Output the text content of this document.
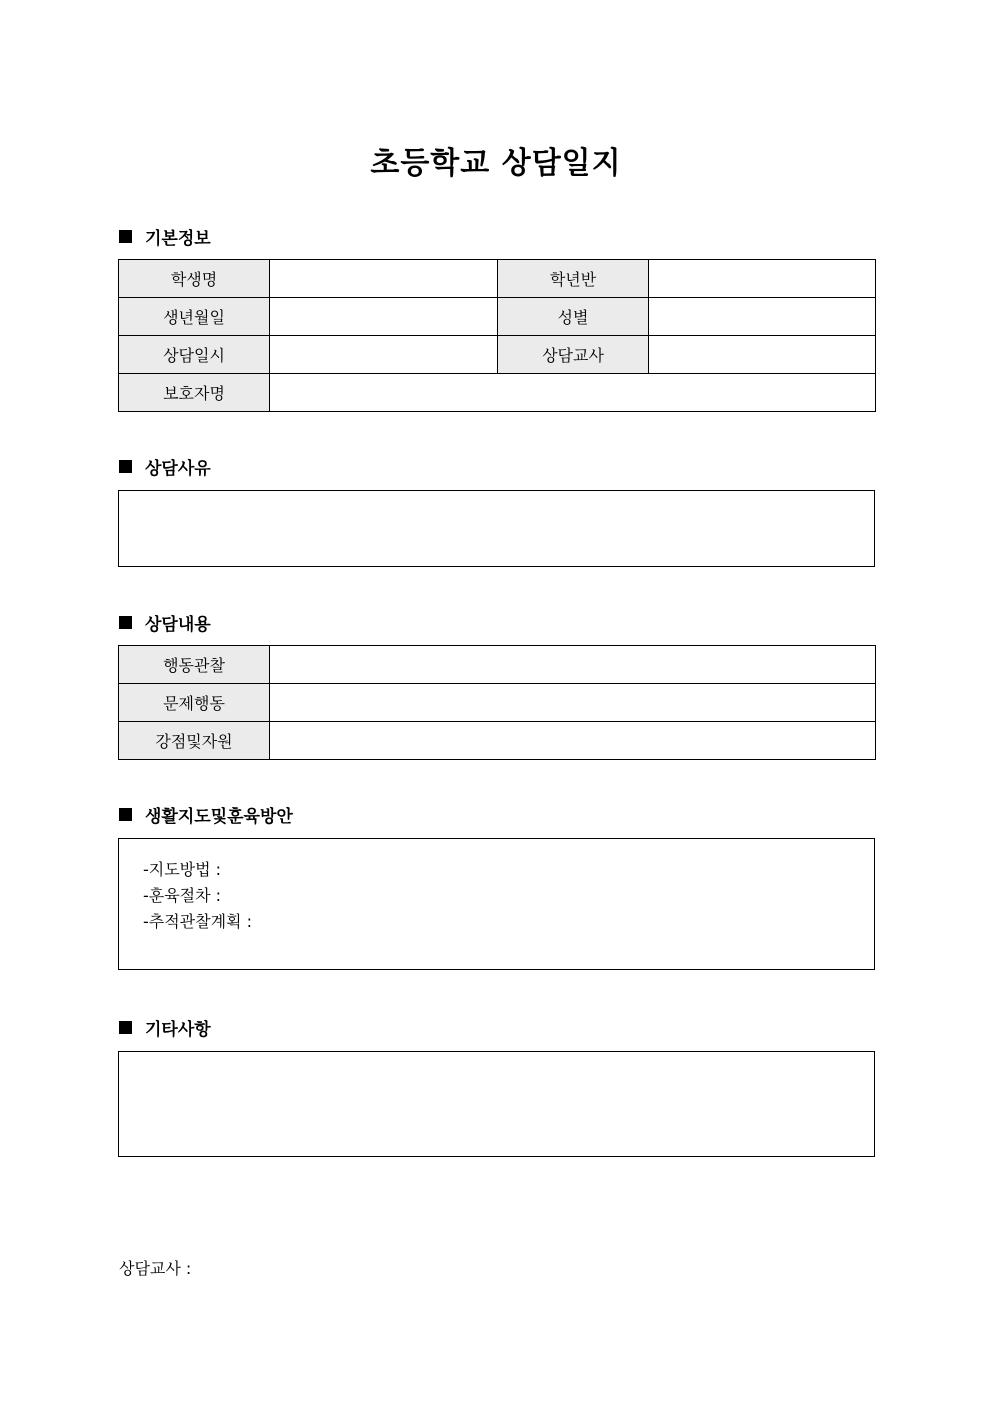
초등학교 상담일지
기본정보
학생명		학년반	
생년월일		성별	
상담일시		상담교사	
보호자명			
상담사유
상담내용
행동관찰	
문제행동	
강점및자원	
생활지도및훈육방안
-지도방법 :
-훈육절차 :
-추적관찰계획 :
기타사항
상담교사 :
